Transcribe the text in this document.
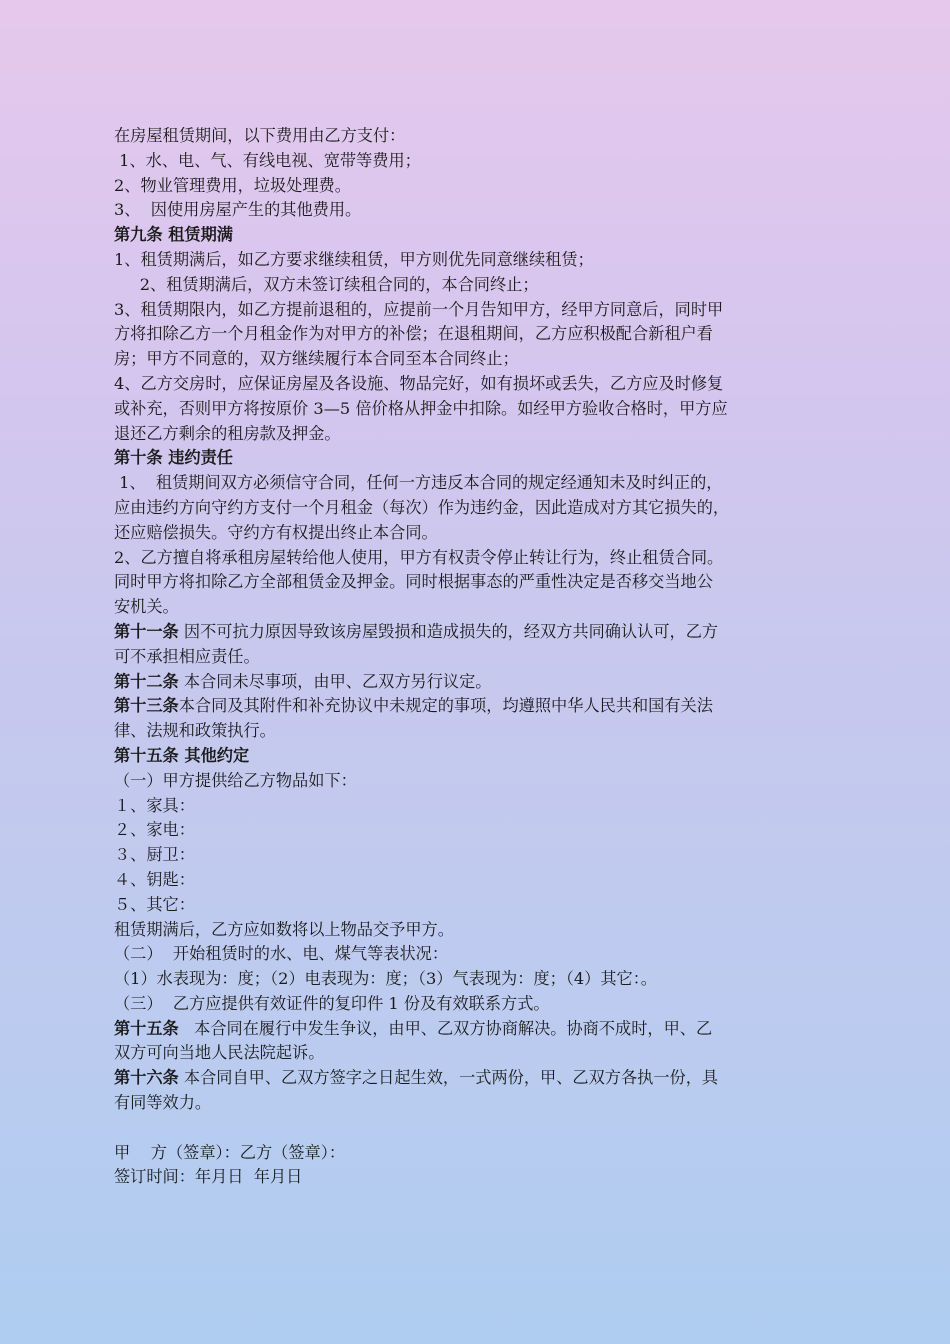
在房屋租赁期间，以下费用由乙方支付：
1、水、电、气、有线电视、宽带等费用；
2、物业管理费用，垃圾处理费。
3、  因使用房屋产生的其他费用。
第九条 租赁期满
1、租赁期满后，如乙方要求继续租赁，甲方则优先同意继续租赁；
2、租赁期满后，双方未签订续租合同的，本合同终止；
3、租赁期限内，如乙方提前退租的，应提前一个月告知甲方，经甲方同意后，同时甲
方将扣除乙方一个月租金作为对甲方的补偿；在退租期间，乙方应积极配合新租户看
房；甲方不同意的，双方继续履行本合同至本合同终止；
4、乙方交房时，应保证房屋及各设施、物品完好，如有损坏或丢失，乙方应及时修复
或补充，否则甲方将按原价 3—5 倍价格从押金中扣除。如经甲方验收合格时，甲方应
退还乙方剩余的租房款及押金。
第十条 违约责任
1、  租赁期间双方必须信守合同，任何一方违反本合同的规定经通知未及时纠正的，
应由违约方向守约方支付一个月租金（每次）作为违约金，因此造成对方其它损失的，
还应赔偿损失。守约方有权提出终止本合同。
2、乙方擅自将承租房屋转给他人使用，甲方有权责令停止转让行为，终止租赁合同。
同时甲方将扣除乙方全部租赁金及押金。同时根据事态的严重性决定是否移交当地公
安机关。
第十一条 因不可抗力原因导致该房屋毁损和造成损失的，经双方共同确认认可，乙方
可不承担相应责任。
第十二条 本合同未尽事项，由甲、乙双方另行议定。
第十三条本合同及其附件和补充协议中未规定的事项，均遵照中华人民共和国有关法
律、法规和政策执行。
第十五条 其他约定
（一）甲方提供给乙方物品如下：
１、家具：
２、家电：
３、厨卫：
４、钥匙：
５、其它：
租赁期满后，乙方应如数将以上物品交予甲方。
（二）  开始租赁时的水、电、煤气等表状况：
（1）水表现为：度；（2）电表现为：度；（3）气表现为：度；（4）其它：。
（三）  乙方应提供有效证件的复印件 1 份及有效联系方式。
第十五条   本合同在履行中发生争议，由甲、乙双方协商解决。协商不成时，甲、乙
双方可向当地人民法院起诉。
第十六条 本合同自甲、乙双方签字之日起生效，一式两份，甲、乙双方各执一份，具
有同等效力。
甲    方（签章）：乙方（签章）：
签订时间：年月日  年月日
